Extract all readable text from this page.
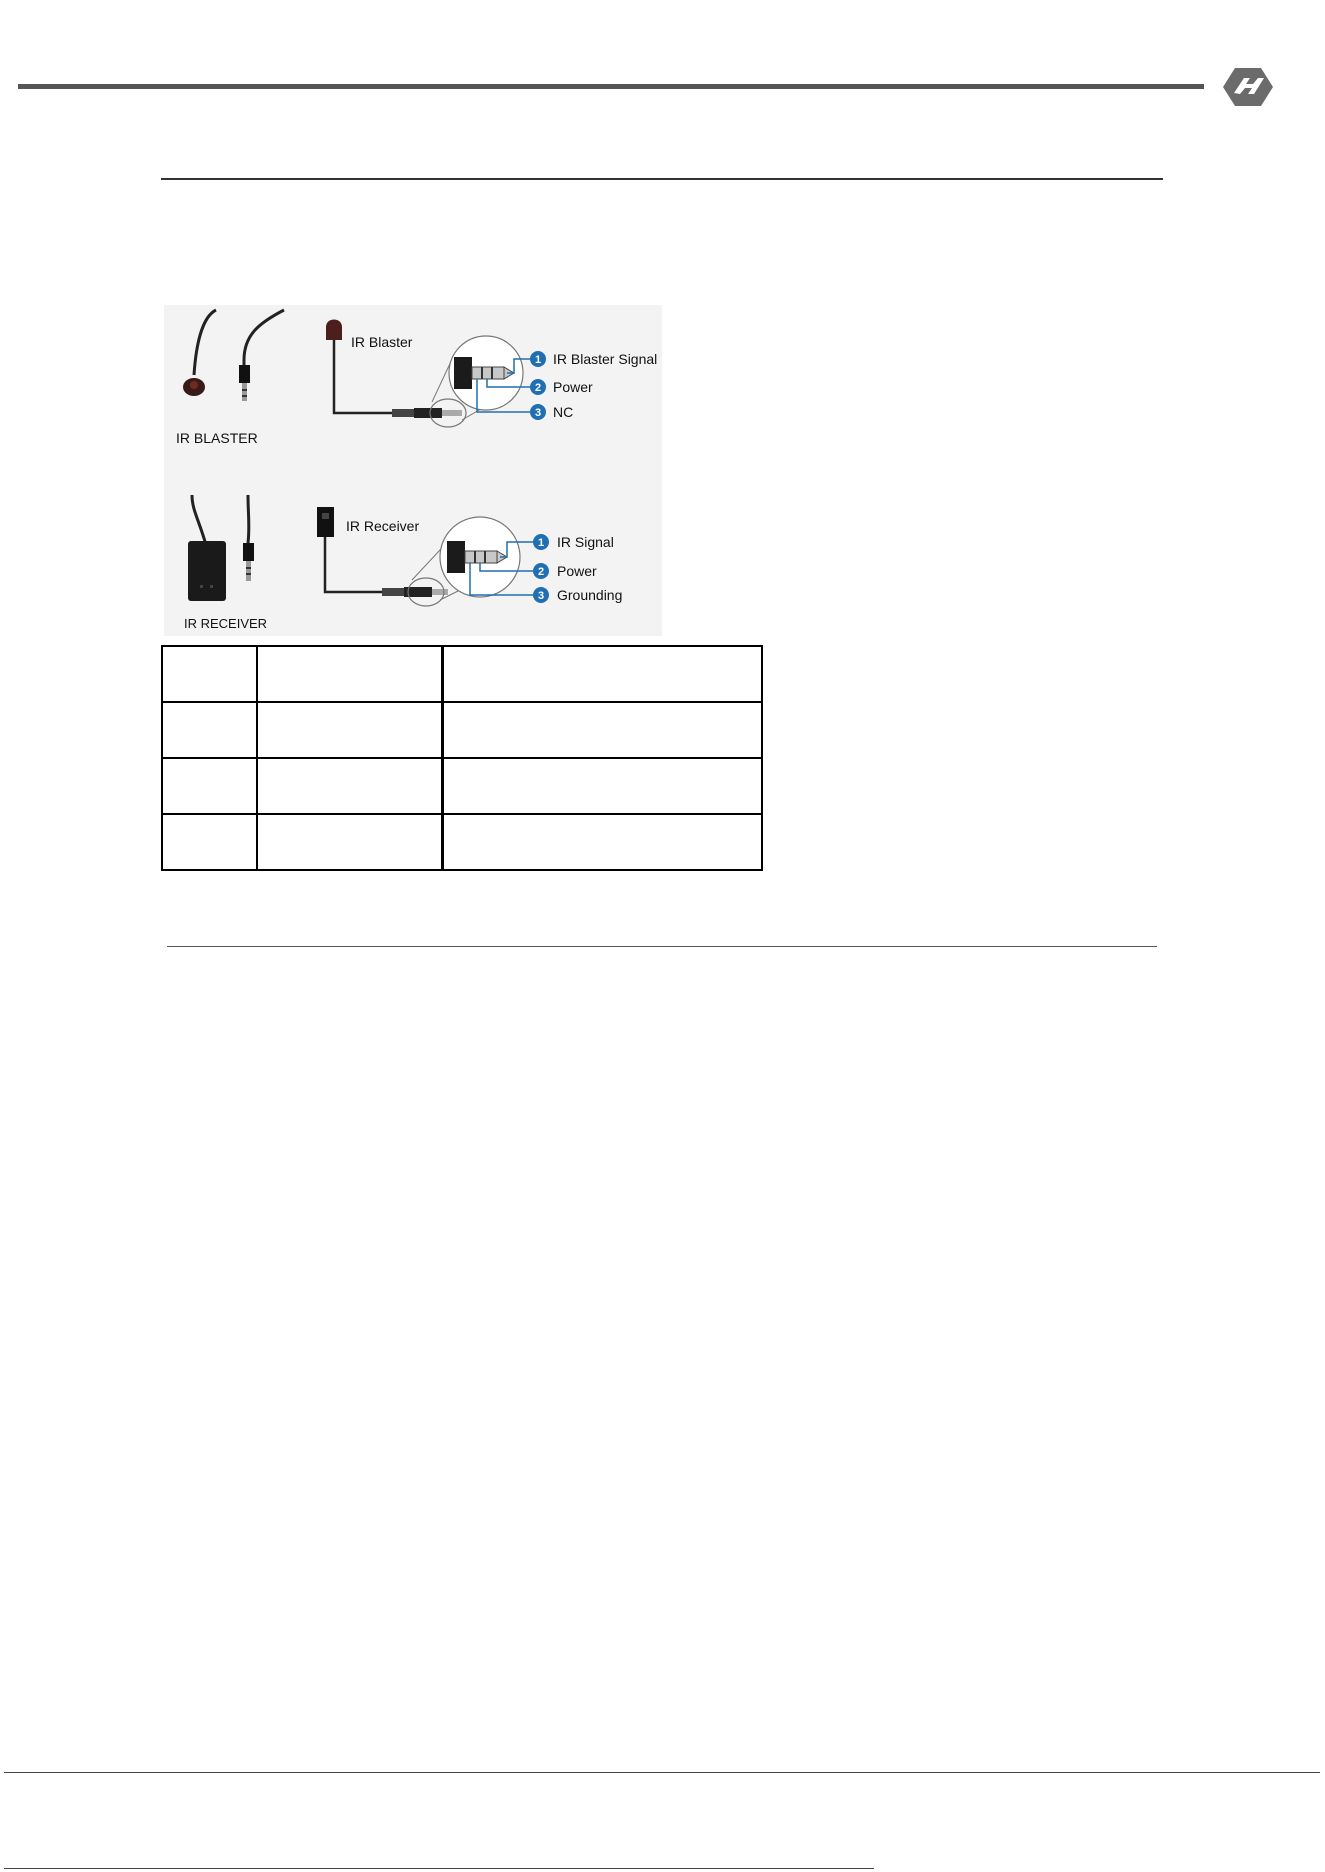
IR BLASTER
IR Blaster
1
2
3
IR Blaster Signal
Power
NC
IR RECEIVER
IR Receiver
1
2
3
IR Signal
Power
Grounding
